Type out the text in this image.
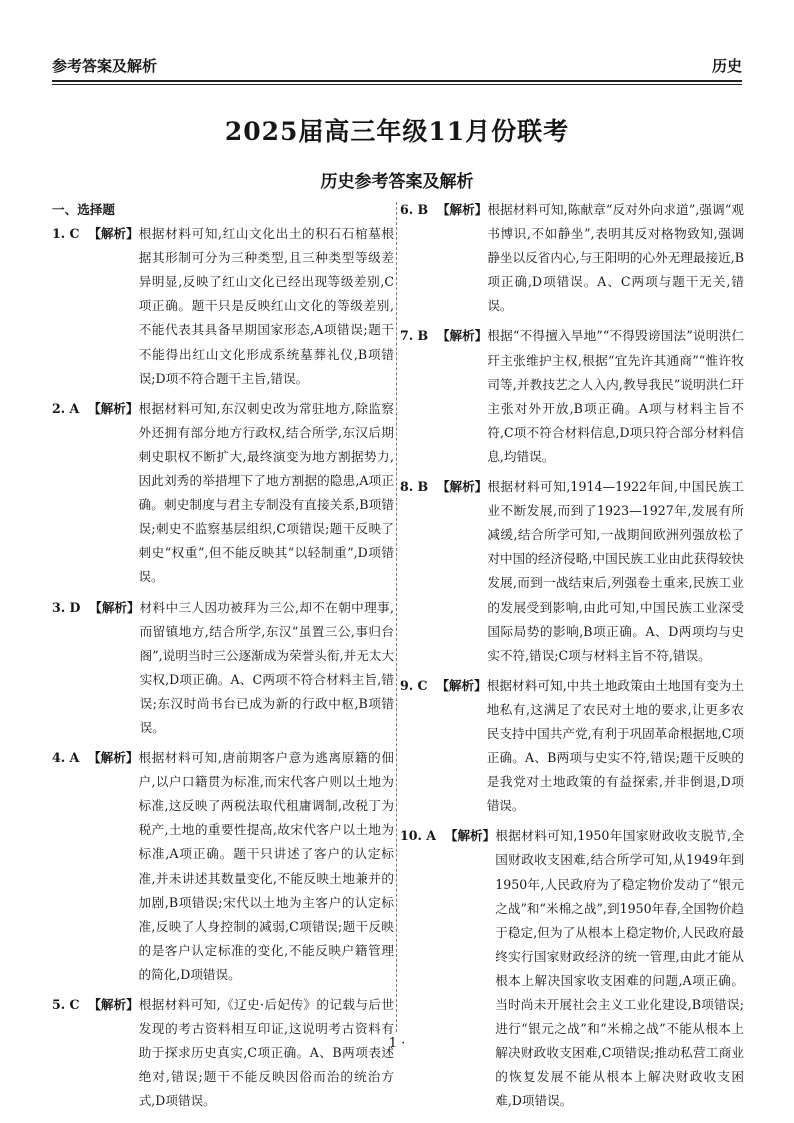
参考答案及解析	历史
2025届高三年级11月份联考
历史参考答案及解析
一、选择题
1. C  【解析】 根据材料可知,红山文化出土的积石石棺墓根据其形制可分为三种类型,且三种类型等级差异明显,反映了红山文化已经出现等级差别,C项正确。题干只是反映红山文化的等级差别,不能代表其具备早期国家形态,A项错误;题干不能得出红山文化形成系统墓葬礼仪,B项错误;D项不符合题干主旨,错误。
2. A  【解析】 根据材料可知,东汉刺史改为常驻地方,除监察外还拥有部分地方行政权,结合所学,东汉后期刺史职权不断扩大,最终演变为地方割据势力,因此刘秀的举措埋下了地方割据的隐患,A项正确。刺史制度与君主专制没有直接关系,B项错误;刺史不监察基层组织,C项错误;题干反映了刺史“权重”,但不能反映其“以轻制重”,D项错误。
3. D  【解析】 材料中三人因功被拜为三公,却不在朝中理事,而留镇地方,结合所学,东汉“虽置三公,事归台阁”,说明当时三公逐渐成为荣誉头衔,并无太大实权,D项正确。A、C两项不符合材料主旨,错误;东汉时尚书台已成为新的行政中枢,B项错误。
4. A  【解析】 根据材料可知,唐前期客户意为逃离原籍的佃户,以户口籍贯为标准,而宋代客户则以土地为标准,这反映了两税法取代租庸调制,改税丁为税产,土地的重要性提高,故宋代客户以土地为标准,A项正确。题干只讲述了客户的认定标准,并未讲述其数量变化,不能反映土地兼并的加剧,B项错误;宋代以土地为主客户的认定标准,反映了人身控制的减弱,C项错误;题干反映的是客户认定标准的变化,不能反映户籍管理的简化,D项错误。
5. C  【解析】 根据材料可知,《辽史·后妃传》的记载与后世发现的考古资料相互印证,这说明考古资料有助于探求历史真实,C项正确。A、B两项表述绝对,错误;题干不能反映因俗而治的统治方式,D项错误。
6. B  【解析】 根据材料可知,陈献章“反对外向求道”,强调“观书博识,不如静坐”,表明其反对格物致知,强调静坐以反省内心,与王阳明的心外无理最接近,B项正确,D项错误。A、C两项与题干无关,错误。
7. B  【解析】 根据“不得擅入旱地”“不得毁谤国法”说明洪仁玕主张维护主权,根据“宜先许其通商”“惟许牧司等,并教技艺之人入内,教导我民”说明洪仁玕主张对外开放,B项正确。A项与材料主旨不符,C项不符合材料信息,D项只符合部分材料信息,均错误。
8. B  【解析】 根据材料可知,1914—1922年间,中国民族工业不断发展,而到了1923—1927年,发展有所减缓,结合所学可知,一战期间欧洲列强放松了对中国的经济侵略,中国民族工业由此获得较快发展,而到一战结束后,列强卷土重来,民族工业的发展受到影响,由此可知,中国民族工业深受国际局势的影响,B项正确。A、D两项均与史实不符,错误;C项与材料主旨不符,错误。
9. C  【解析】 根据材料可知,中共土地政策由土地国有变为土地私有,这满足了农民对土地的要求,让更多农民支持中国共产党,有利于巩固革命根据地,C项正确。A、B两项与史实不符,错误;题干反映的是我党对土地政策的有益探索,并非倒退,D项错误。
10. A  【解析】 根据材料可知,1950年国家财政收支脱节,全国财政收支困难,结合所学可知,从1949年到1950年,人民政府为了稳定物价发动了“银元之战”和“米棉之战”,到1950年春,全国物价趋于稳定,但为了从根本上稳定物价,人民政府最终实行国家财政经济的统一管理,由此才能从根本上解决国家收支困难的问题,A项正确。当时尚未开展社会主义工业化建设,B项错误;进行“银元之战”和“米棉之战”不能从根本上解决财政收支困难,C项错误;推动私营工商业的恢复发展不能从根本上解决财政收支困难,D项错误。
1 ·
